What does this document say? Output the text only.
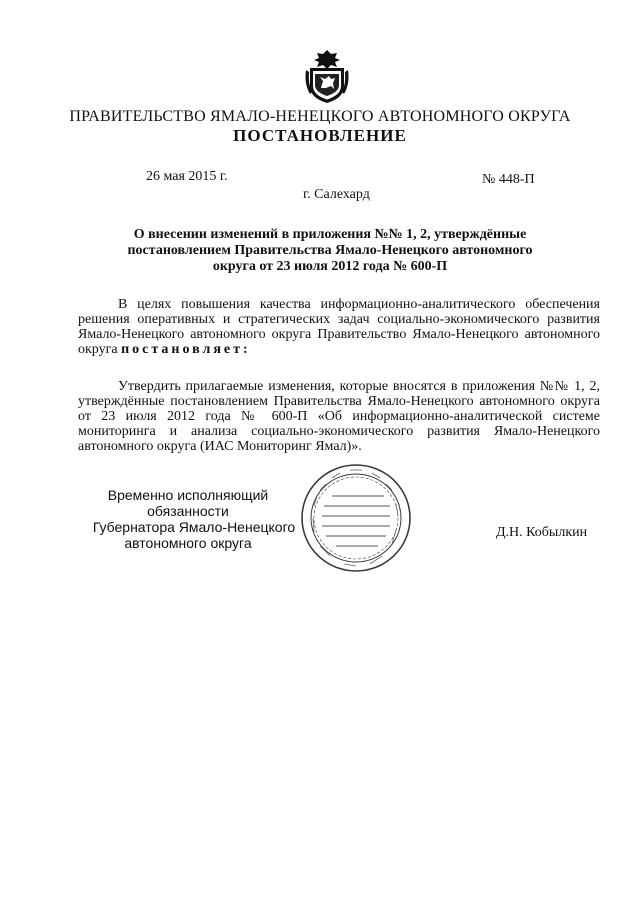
ПРАВИТЕЛЬСТВО ЯМАЛО-НЕНЕЦКОГО АВТОНОМНОГО ОКРУГА
ПОСТАНОВЛЕНИЕ
26 мая 2015 г.	№ 448-П
г. Салехард
О внесении изменений в приложения №№ 1, 2, утверждённые постановлением Правительства Ямало-Ненецкого автономного округа от 23 июля 2012 года № 600-П
В целях повышения качества информационно-аналитического обеспечения решения оперативных и стратегических задач социально-экономического развития Ямало-Ненецкого автономного округа Правительство Ямало-Ненецкого автономного округа постановляет:
Утвердить прилагаемые изменения, которые вносятся в приложения №№ 1, 2, утверждённые постановлением Правительства Ямало-Ненецкого автономного округа от 23 июля 2012 года № 600-П «Об информационно-аналитической системе мониторинга и анализа социально-экономического развития Ямало-Ненецкого автономного округа (ИАС Мониторинг Ямал)».
Временно исполняющий обязанности

Губернатора Ямало-Ненецкого
автономного округа
Д.Н. Кобылкин
